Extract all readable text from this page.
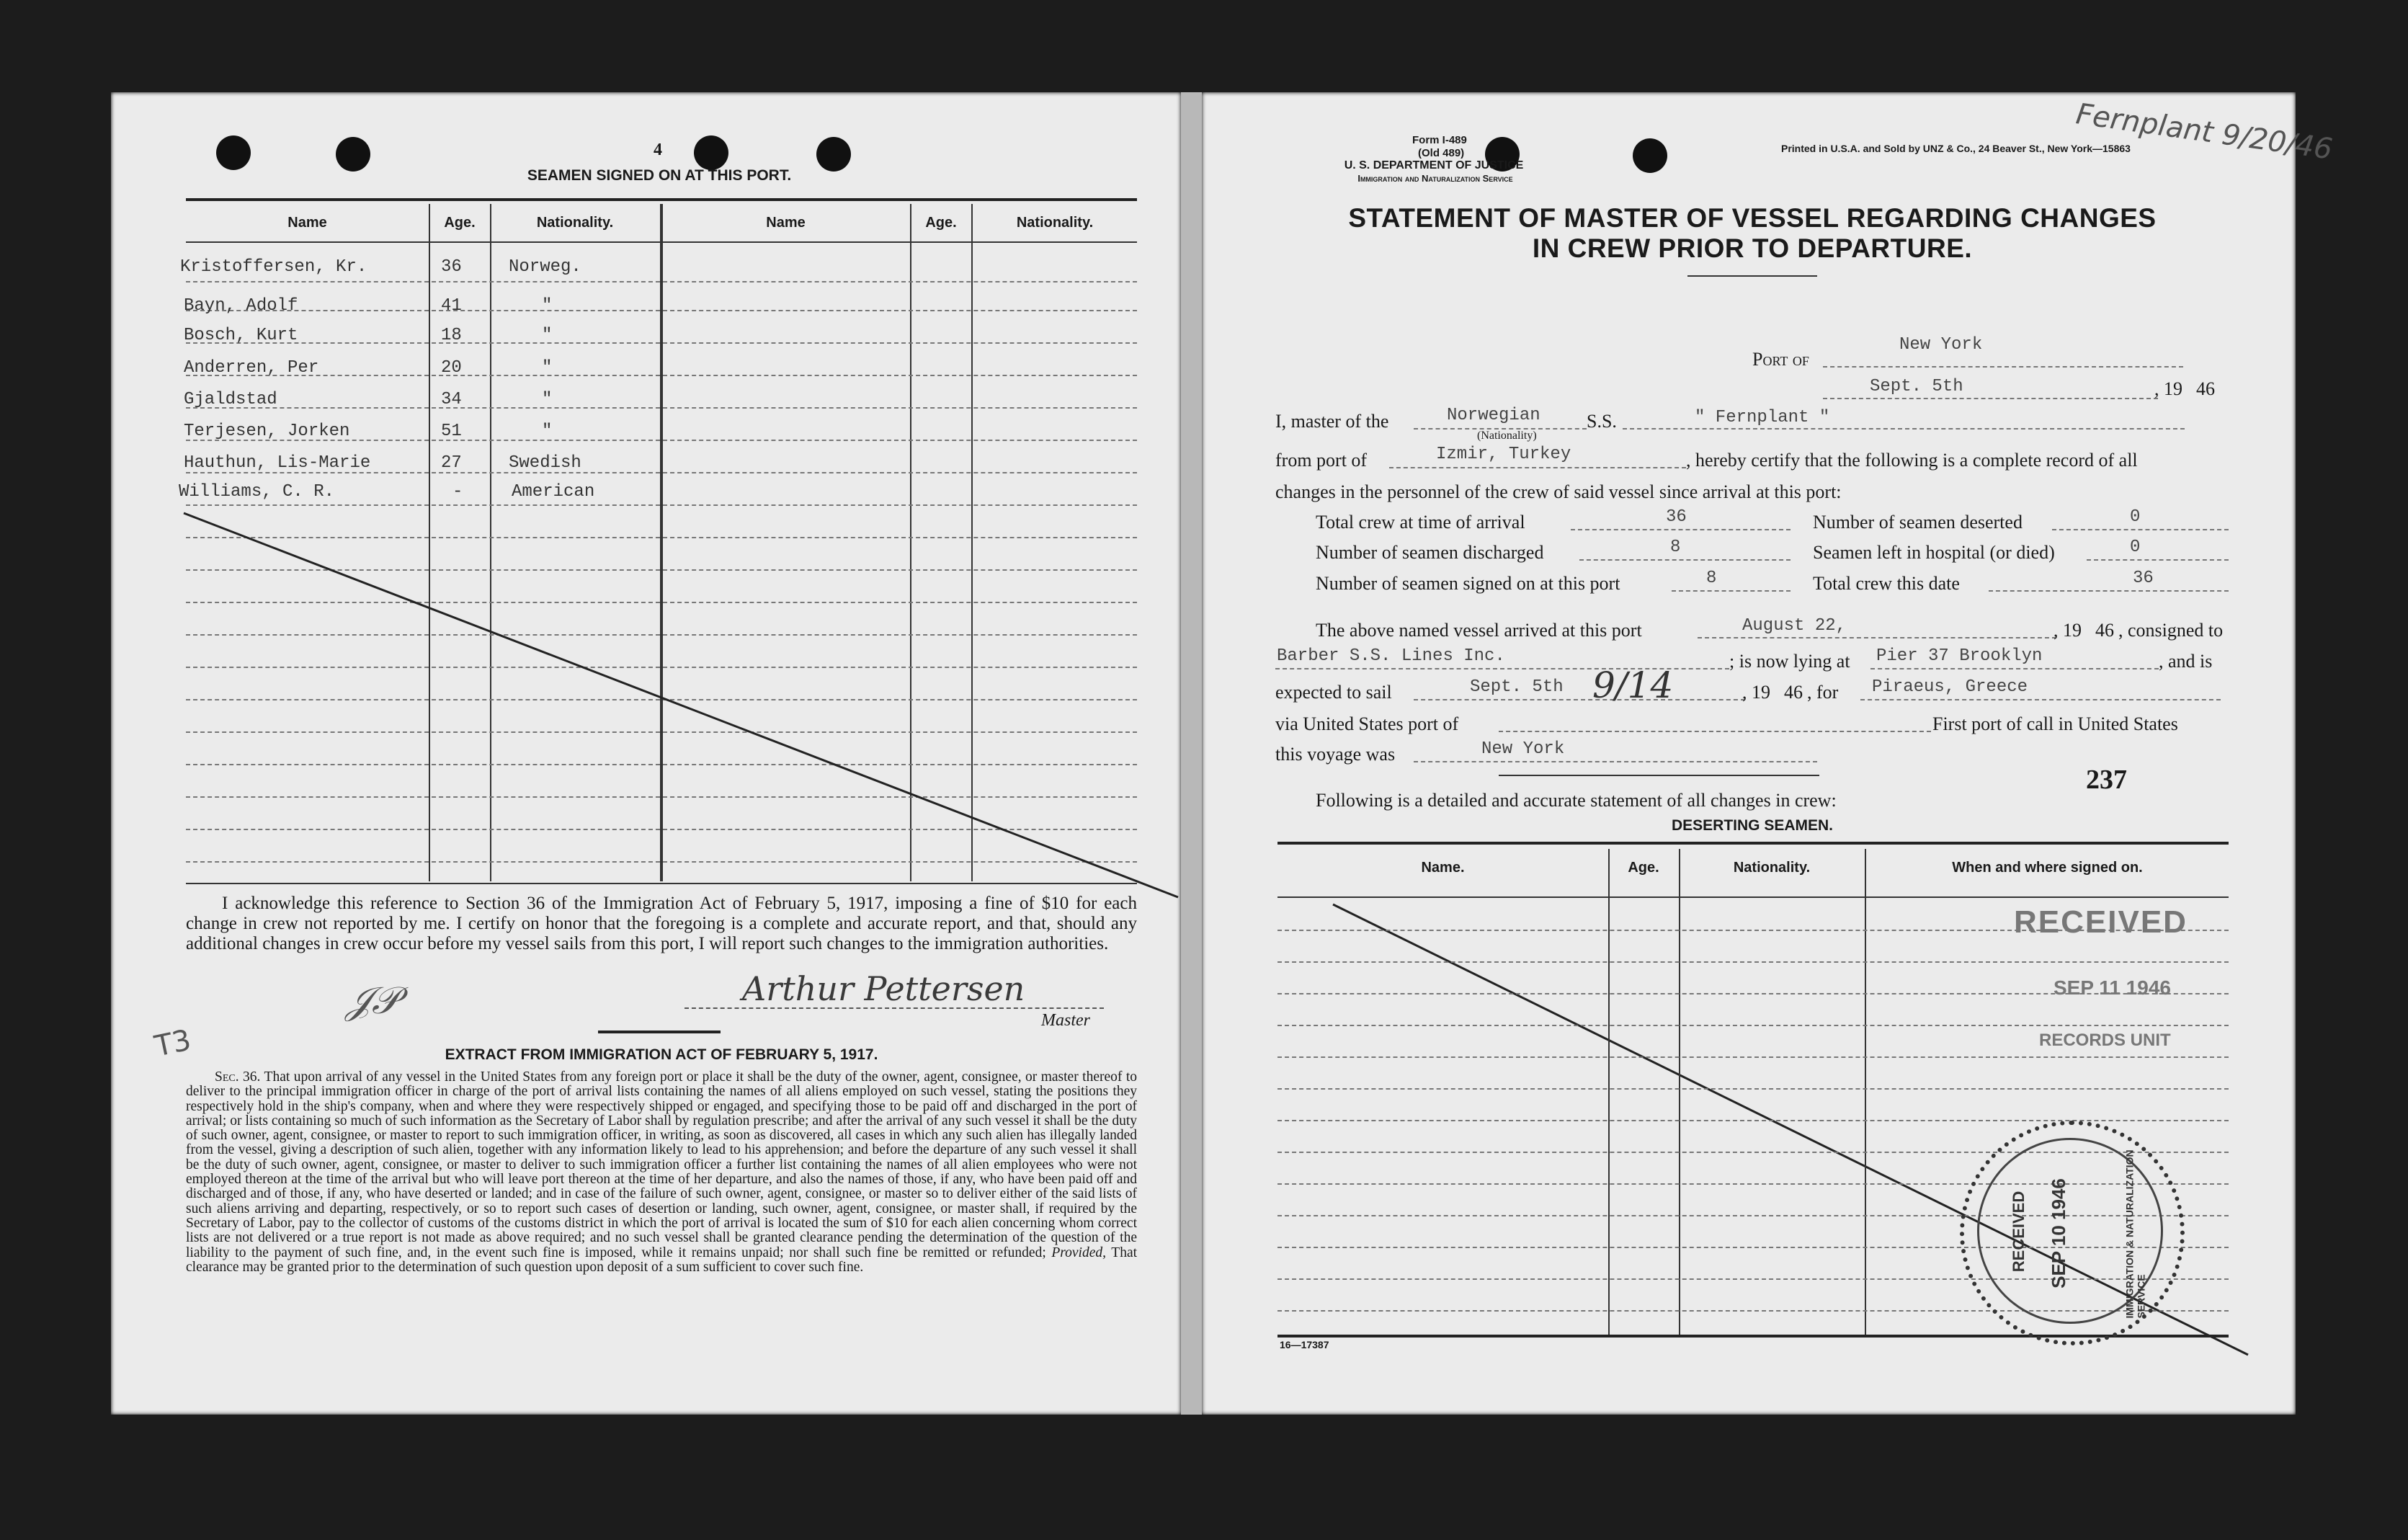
4
SEAMEN SIGNED ON AT THIS PORT.
Name	Age.	Nationality.	Name	Age.	Nationality.
Kristoffersen, Kr.	36	Norweg.
Bayn, Adolf	41	"
Bosch, Kurt	18	"
Anderren, Per	20	"
Gjaldstad	34	"
Terjesen, Jorken	51	"
Hauthun, Lis-Marie	27	Swedish
Williams, C. R.	-	American
I acknowledge this reference to Section 36 of the Immigration Act of February 5, 1917, imposing a fine of $10 for each change in crew not reported by me. I certify on honor that the foregoing is a complete and accurate report, and that, should any additional changes in crew occur before my vessel sails from this port, I will report such changes to the immigration authorities.
Arthur Pettersen
Master
𝒥𝒫
EXTRACT FROM IMMIGRATION ACT OF FEBRUARY 5, 1917.
Sec. 36. That upon arrival of any vessel in the United States from any foreign port or place it shall be the duty of the owner, agent, consignee, or master thereof to deliver to the principal immigration officer in charge of the port of arrival lists containing the names of all aliens employed on such vessel, stating the positions they respectively hold in the ship's company, when and where they were respectively shipped or engaged, and specifying those to be paid off and discharged in the port of arrival; or lists containing so much of such information as the Secretary of Labor shall by regulation prescribe; and after the arrival of any such vessel it shall be the duty of such owner, agent, consignee, or master to report to such immigration officer, in writing, as soon as discovered, all cases in which any such alien has illegally landed from the vessel, giving a description of such alien, together with any information likely to lead to his apprehension; and before the departure of any such vessel it shall be the duty of such owner, agent, consignee, or master to deliver to such immigration officer a further list containing the names of all alien employees who were not employed thereon at the time of the arrival but who will leave port thereon at the time of her departure, and also the names of those, if any, who have been paid off and discharged and of those, if any, who have deserted or landed; and in case of the failure of such owner, agent, consignee, or master so to deliver either of the said lists of such aliens arriving and departing, respectively, or so to report such cases of desertion or landing, such owner, agent, consignee, or master shall, if required by the Secretary of Labor, pay to the collector of customs of the customs district in which the port of arrival is located the sum of $10 for each alien concerning whom correct lists are not delivered or a true report is not made as above required; and no such vessel shall be granted clearance pending the determination of the question of the liability to the payment of such fine, and, in the event such fine is imposed, while it remains unpaid; nor shall such fine be remitted or refunded; Provided, That clearance may be granted prior to the determination of such question upon deposit of a sum sufficient to cover such fine.
T3
Form I-489
(Old 489)
U. S. DEPARTMENT OF JUSTICE
Immigration and Naturalization Service
Printed in U.S.A. and Sold by UNZ & Co., 24 Beaver St., New York—15863
STATEMENT OF MASTER OF VESSEL REGARDING CHANGES
IN CREW PRIOR TO DEPARTURE.
Port of
New York
Sept. 5th	, 19 46
I, master of the	Norwegian
(Nationality)
S.S.	" Fernplant "
from port of	Izmir, Turkey	, hereby certify that the following is a complete record of all
changes in the personnel of the crew of said vessel since arrival at this port:
Total crew at time of arrival	36	Number of seamen deserted	0
Number of seamen discharged	8	Seamen left in hospital (or died)	0
Number of seamen signed on at this port	8	Total crew this date	36
The above named vessel arrived at this port	August 22,	, 19 46 , consigned to
Barber S.S. Lines Inc.	; is now lying at Pier 37 Brooklyn	, and is
expected to sail	Sept. 5th 9/14	, 19 46 , for Piraeus, Greece
via United States port of	First port of call in United States
this voyage was	New York
237
Following is a detailed and accurate statement of all changes in crew:
DESERTING SEAMEN.
Name.	Age.	Nationality.	When and where signed on.
RECEIVED
SEP 11 1946
RECORDS UNIT
RECEIVED SEP 10 1946	IMMIGRATION & NATURALIZATION SERVICE
16—17387
Fernplant 9/20/46
